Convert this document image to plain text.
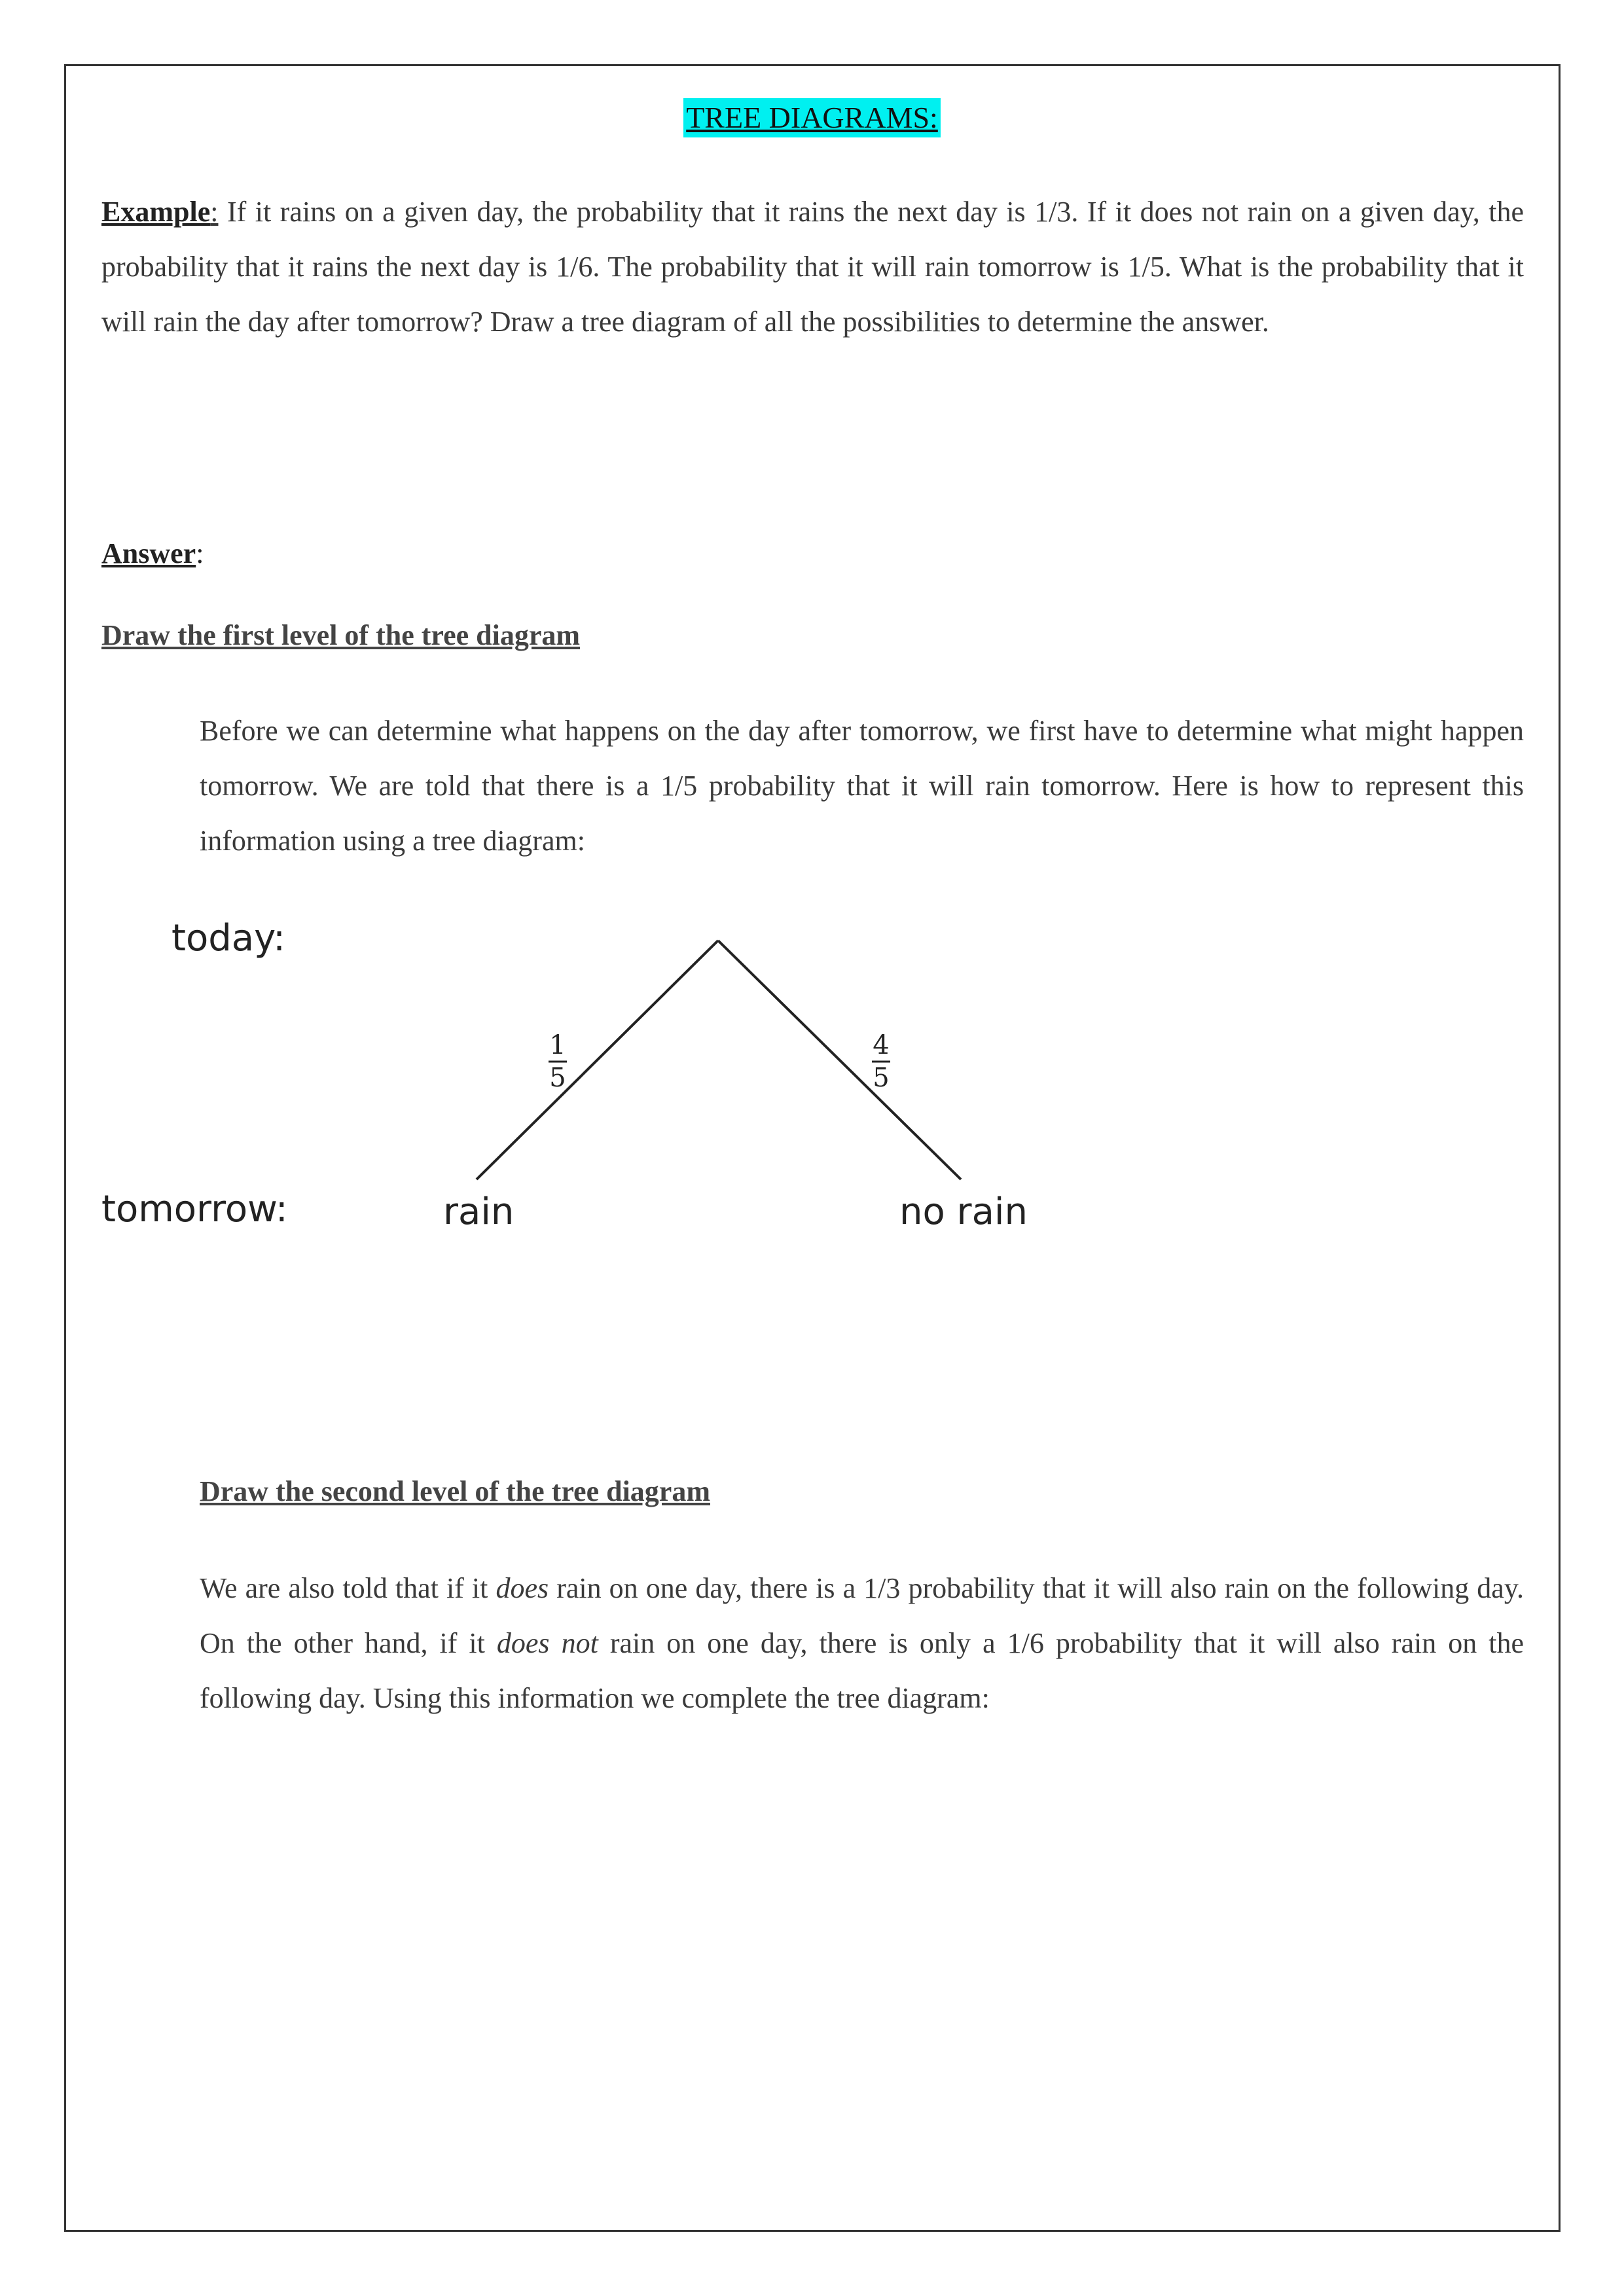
TREE DIAGRAMS:

Example: If it rains on a given day, the probability that it rains the next day is 1/3. If it does not rain on a given day, the probability that it rains the next day is 1/6. The probability that it will rain tomorrow is 1/5. What is the probability that it will rain the day after tomorrow? Draw a tree diagram of all the possibilities to determine the answer.

Answer:

Draw the first level of the tree diagram

Before we can determine what happens on the day after tomorrow, we first have to determine what might happen tomorrow. We are told that there is a 1/5 probability that it will rain tomorrow. Here is how to represent this information using a tree diagram:

today:
tomorrow:
1
5
4
5
rain	no rain

Draw the second level of the tree diagram

We are also told that if it does rain on one day, there is a 1/3 probability that it will also rain on the following day. On the other hand, if it does not rain on one day, there is only a 1/6 probability that it will also rain on the following day. Using this information we complete the tree diagram:
